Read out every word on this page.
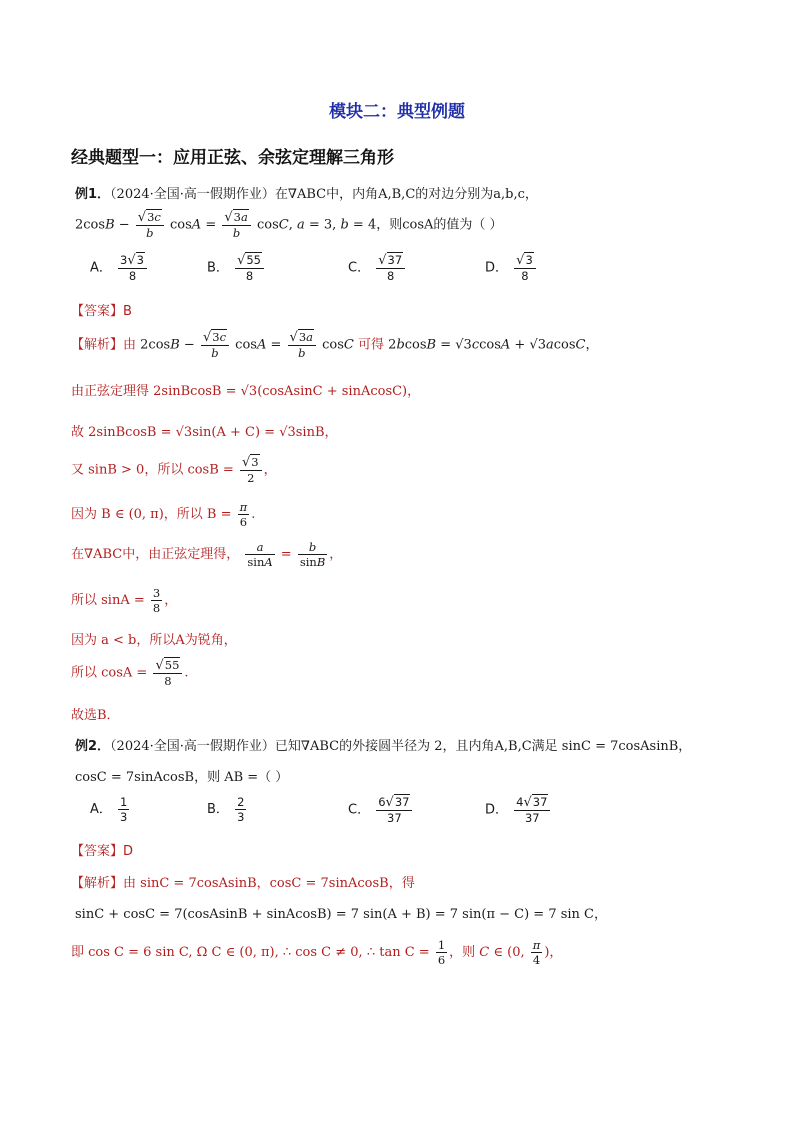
模块二：典型例题
经典题型一：应用正弦、余弦定理解三角形
例1．（2024·全国·高一假期作业）在∇ABC中，内角A,B,C的对边分别为a,b,c，
$2\cos B - \frac{√3c}{b}$ $\cos A = \frac{√3a}{b} \cos C$, a = 3, b = 4，则cosA的值为（ ）
A． $\frac{3√3}{8}$	B． $\frac{√55}{8}$	C． $\frac{√37}{8}$	D． $\frac{√3}{8}$
【答案】B
【解析】由 $2\cos B - \frac{√3c}{b}$ $\cos A = \frac{√3a}{b}$ cosC 可得 2bcosB = √3ccosA + √3acosC，
由正弦定理得 2sinBcosB = √3(cosAsinC + sinAcosC)，
故 2sinBcosB = √3sin(A + C) = √3sinB，
又 sinB > 0，所以 $\cos B = \frac{√3}{2}$ ，
因为 B ∈ (0, π)，所以 $B = \frac{\pi}{6}$ .
在∇ABC中，由正弦定理得， $\frac{a}{\sin A} = \frac{b}{\sin B}$ ，
所以 $\sin A = \frac{3}{8}$ ，
因为 a < b，所以A为锐角，
所以 $\cos A = \frac{√55}{8}$ .
故选B．
例2．（2024·全国·高一假期作业）已知∇ABC的外接圆半径为 2，且内角A,B,C满足 sinC = 7cosAsinB，
cosC = 7sinAcosB，则 AB =（ ）
A． $\frac{1}{3}$	B． $\frac{2}{3}$	C． $\frac{6√37}{37}$	D． $\frac{4√37}{37}$
【答案】D
【解析】由 sinC = 7cosAsinB，cosC = 7sinAcosB，得
sinC + cosC = 7(cosAsinB + sinAcosB) = 7 sin(A + B) = 7 sin(π − C) = 7 sin C，
即 cos C = 6 sin C, Ω C ∈ (0, π), ∴ cos C ≠ 0, ∴ $\tan C = \frac{1}{6}$ ，则 C ∈ (0, $\frac{\pi}{4}$ )，
